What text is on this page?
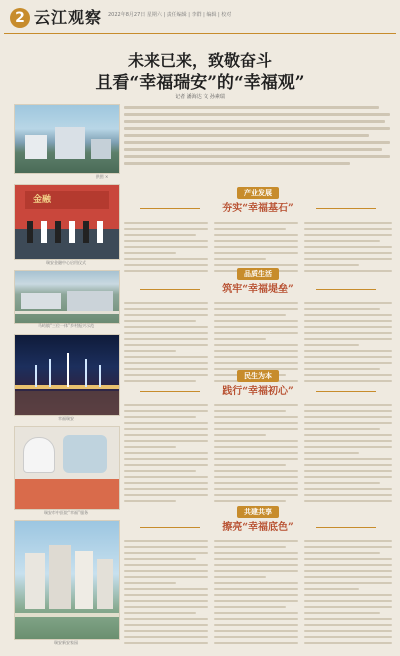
2 云江观察 2022年8月27日 星期六 | 责任编辑 | 李群 | 编辑 | 校对
未来已来，致敬奋斗
且看“幸福瑞安”的“幸福观”
记者 潘海达 文 孙素瑞
供图 ×
产业发展
夯实“幸福基石”
金融
瑞安金融中心启用仪式
马屿镇“三位一体”乡村振兴示范
品质生活
筑牢“幸福堤垒”
幸福瑞安
民生为本
践行“幸福初心”
瑞安市中医院“幸福”服务	共建共享
擦亮“幸福底色”
瑞安新安家园
